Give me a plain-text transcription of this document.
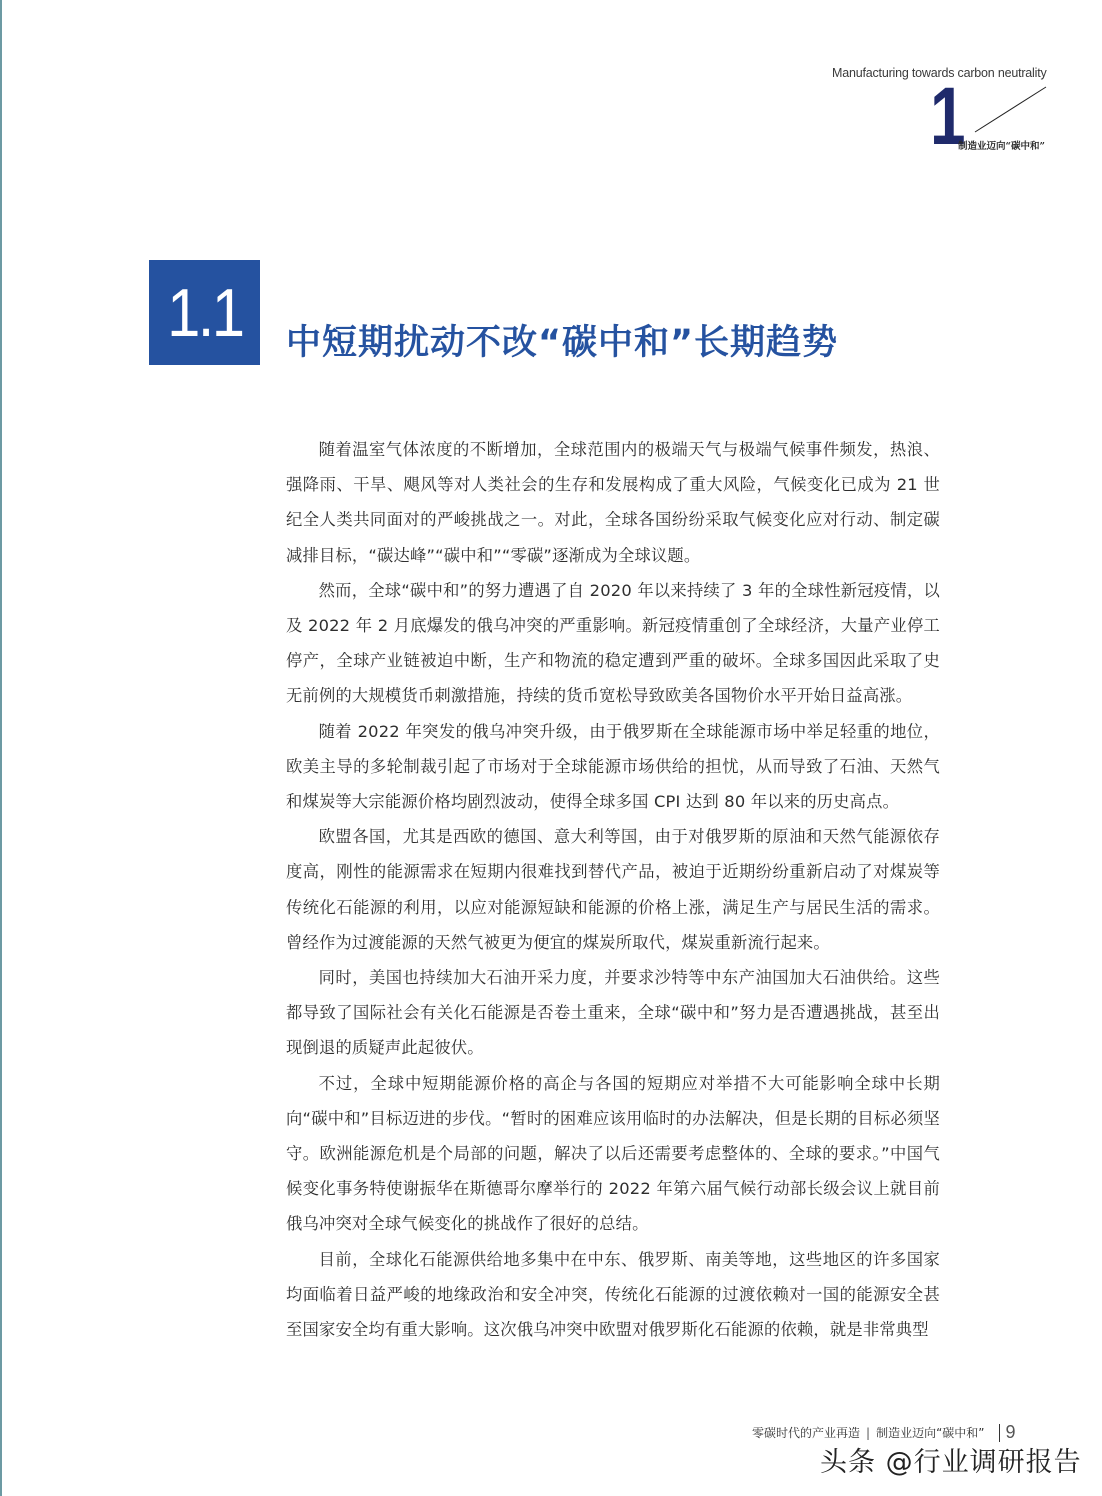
Manufacturing towards carbon neutrality
1
制造业迈向“碳中和”
1.1 中短期扰动不改“碳中和”长期趋势

随着温室气体浓度的不断增加，全球范围内的极端天气与极端气候事件频发，热浪、强降雨、干旱、飓风等对人类社会的生存和发展构成了重大风险，气候变化已成为 21 世纪全人类共同面对的严峻挑战之一。对此，全球各国纷纷采取气候变化应对行动、制定碳减排目标，“碳达峰”“碳中和”“零碳”逐渐成为全球议题。

然而，全球“碳中和”的努力遭遇了自 2020 年以来持续了 3 年的全球性新冠疫情，以及 2022 年 2 月底爆发的俄乌冲突的严重影响。新冠疫情重创了全球经济，大量产业停工停产，全球产业链被迫中断，生产和物流的稳定遭到严重的破坏。全球多国因此采取了史无前例的大规模货币刺激措施，持续的货币宽松导致欧美各国物价水平开始日益高涨。

随着 2022 年突发的俄乌冲突升级，由于俄罗斯在全球能源市场中举足轻重的地位，欧美主导的多轮制裁引起了市场对于全球能源市场供给的担忧，从而导致了石油、天然气和煤炭等大宗能源价格均剧烈波动，使得全球多国 CPI 达到 80 年以来的历史高点。

欧盟各国，尤其是西欧的德国、意大利等国，由于对俄罗斯的原油和天然气能源依存度高，刚性的能源需求在短期内很难找到替代产品，被迫于近期纷纷重新启动了对煤炭等传统化石能源的利用，以应对能源短缺和能源的价格上涨，满足生产与居民生活的需求。曾经作为过渡能源的天然气被更为便宜的煤炭所取代，煤炭重新流行起来。

同时，美国也持续加大石油开采力度，并要求沙特等中东产油国加大石油供给。这些都导致了国际社会有关化石能源是否卷土重来，全球“碳中和”努力是否遭遇挑战，甚至出现倒退的质疑声此起彼伏。

不过，全球中短期能源价格的高企与各国的短期应对举措不大可能影响全球中长期向“碳中和”目标迈进的步伐。“暂时的困难应该用临时的办法解决，但是长期的目标必须坚守。欧洲能源危机是个局部的问题，解决了以后还需要考虑整体的、全球的要求。”中国气候变化事务特使谢振华在斯德哥尔摩举行的 2022 年第六届气候行动部长级会议上就目前俄乌冲突对全球气候变化的挑战作了很好的总结。

目前，全球化石能源供给地多集中在中东、俄罗斯、南美等地，这些地区的许多国家均面临着日益严峻的地缘政治和安全冲突，传统化石能源的过渡依赖对一国的能源安全甚至国家安全均有重大影响。这次俄乌冲突中欧盟对俄罗斯化石能源的依赖，就是非常典型

零碳时代的产业再造 | 制造业迈向“碳中和” 9
头条 @行业调研报告
